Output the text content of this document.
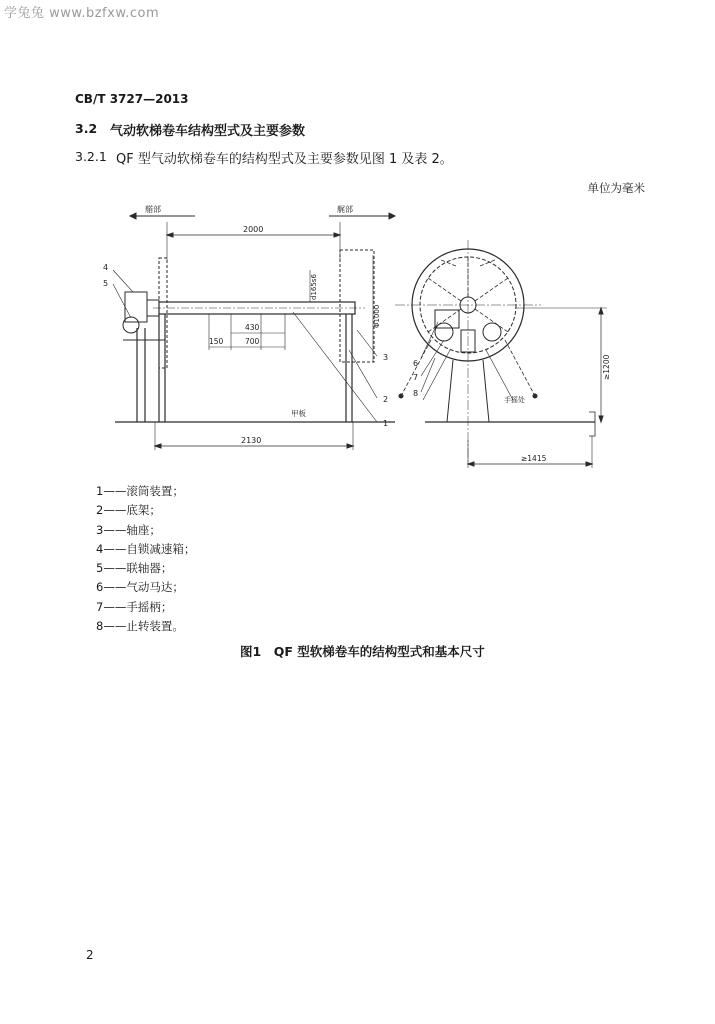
学兔兔 www.bzfxw.com
CB/T 3727—2013
3.2 气动软梯卷车结构型式及主要参数
3.2.1 QF 型气动软梯卷车的结构型式及主要参数见图 1 及表 2。
单位为毫米
艏部	艉部
2000
d165s6
Φ1000
430
150	700
甲板
2130
4
5
1
2
3
手摇处
≥1200
≥1415
6
7
8
1——滚筒装置；
2——底架；
3——轴座；
4——自锁减速箱；
5——联轴器；
6——气动马达；
7——手摇柄；
8——止转装置。
图1　QF 型软梯卷车的结构型式和基本尺寸
2
